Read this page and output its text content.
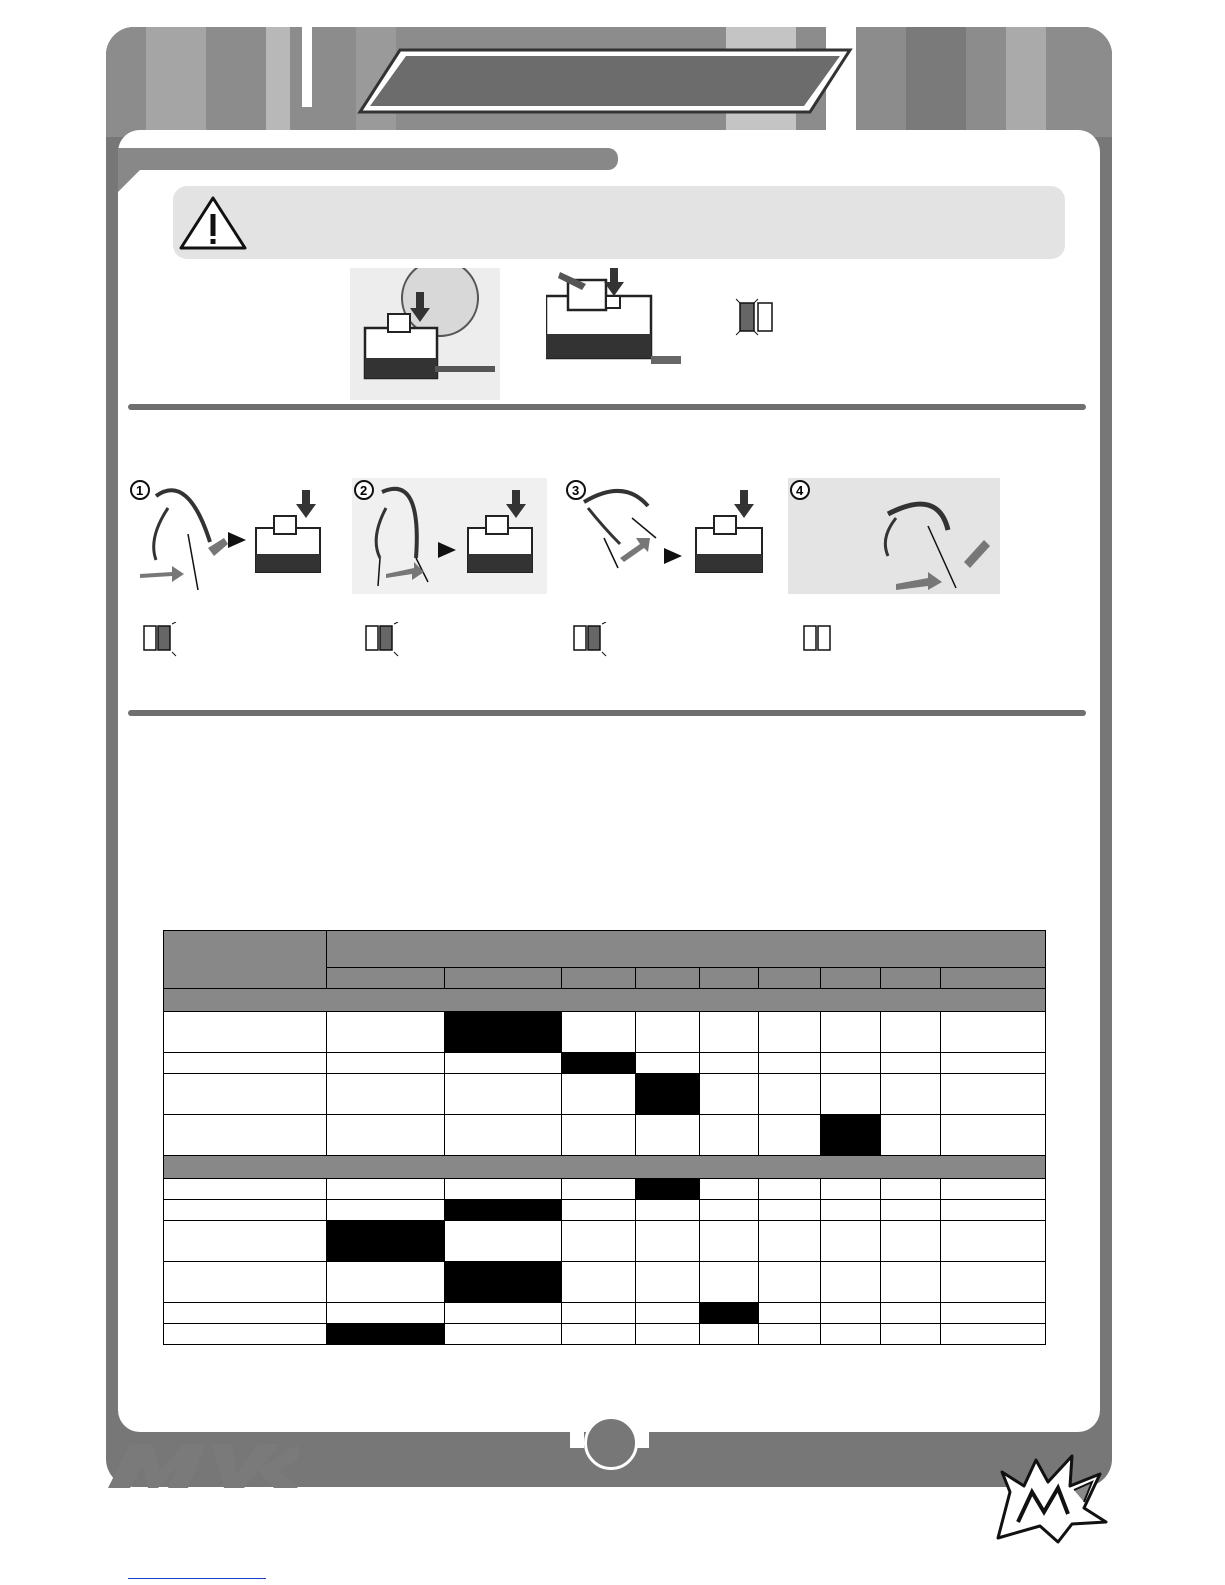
1	2	3	4
